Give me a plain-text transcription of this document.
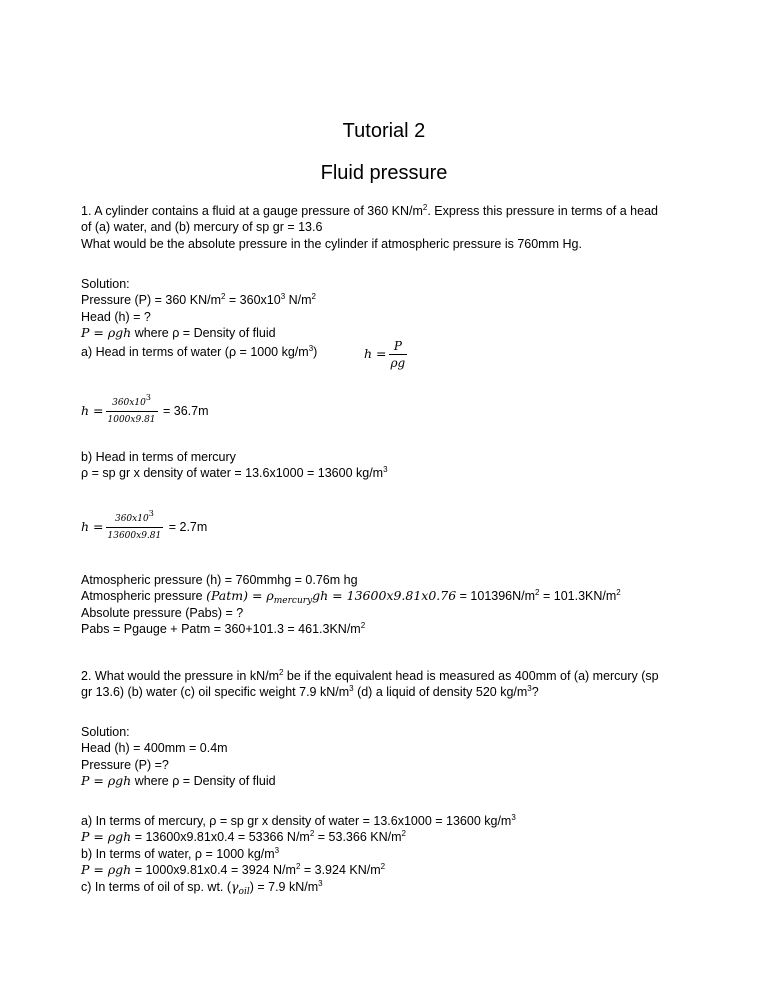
Tutorial 2
Fluid pressure
1. A cylinder contains a fluid at a gauge pressure of 360 $KN/m^2$. Express this pressure in terms of a head
of (a) water, and (b) mercury of sp gr = 13.6
What would be the absolute pressure in the cylinder if atmospheric pressure is 760mm Hg.
Solution:
Pressure (P) = 360 $KN/m^2 = 360x10^3$ $N/m^2$
Head (h) = ?
P = ρgh where ρ = Density of fluid
$h = \frac{P}{\rho g}$
a) Head in terms of water (ρ = 1000 $kg/m^3$)
$h = \frac{360x10^3}{1000x9.81} = 36.7m$
b) Head in terms of mercury
ρ = sp gr x density of water = 13.6x1000 = 13600 $kg/m^3$
$h = \frac{360x10^3}{13600x9.81} = 2.7m$
Atmospheric pressure (h) = 760mmhg = 0.76m hg
Atmospheric pressure (Patm) = $\rho_{mercury}gh = 13600x9.81x0.76 = 101396N/m^2 = 101.3KN/m^2$
Absolute pressure (Pabs) = ?
Pabs = Pgauge + Patm = $360+101.3 = 461.3KN/m^2$
2. What would the pressure in $kN/m^2$ be if the equivalent head is measured as 400mm of (a) mercury (sp
gr 13.6) (b) water (c) oil specific weight 7.9 $kN/m^3$ (d) a liquid of density 520 $kg/m^3$?
Solution:
Head (h) = 400mm = 0.4m
Pressure (P) =?
P = ρgh where ρ = Density of fluid
a) In terms of mercury, ρ = sp gr x density of water = 13.6x1000 = 13600 $kg/m^3$
P = ρgh = 13600x9.81x0.4 = 53366 $N/m^2 = 53.366$ $KN/m^2$
b) In terms of water, ρ = 1000 $kg/m^3$
P = ρgh = 1000x9.81x0.4 = 3924 $N/m^2 = 3.924$ $KN/m^2$
c) In terms of oil of sp. wt. $(\gamma_{oil}) = 7.9$ $kN/m^3$
